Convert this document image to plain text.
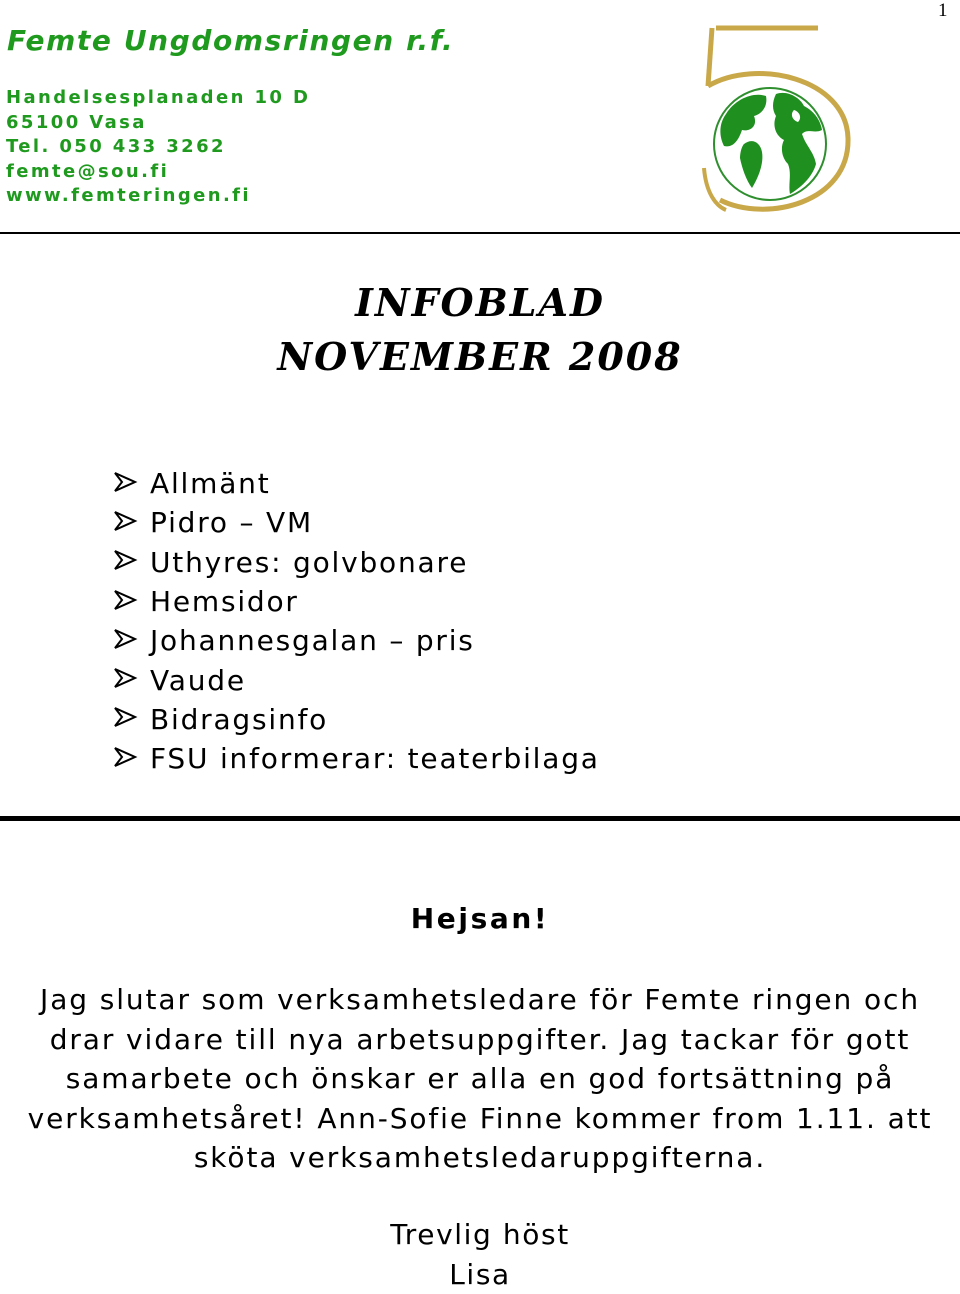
1
Femte Ungdomsringen r.f.
Handelsesplanaden 10 D
65100 Vasa
Tel. 050 433 3262
femte@sou.fi
www.femteringen.fi
INFOBLAD
NOVEMBER 2008
Allmänt
Pidro – VM
Uthyres: golvbonare
Hemsidor
Johannesgalan – pris
Vaude
Bidragsinfo
FSU informerar: teaterbilaga
Hejsan!
Jag slutar som verksamhetsledare för Femte ringen och
drar vidare till nya arbetsuppgifter. Jag tackar för gott
samarbete och önskar er alla en god fortsättning på
verksamhetsåret! Ann-Sofie Finne kommer from 1.11. att
sköta verksamhetsledaruppgifterna.
Trevlig höst
Lisa
